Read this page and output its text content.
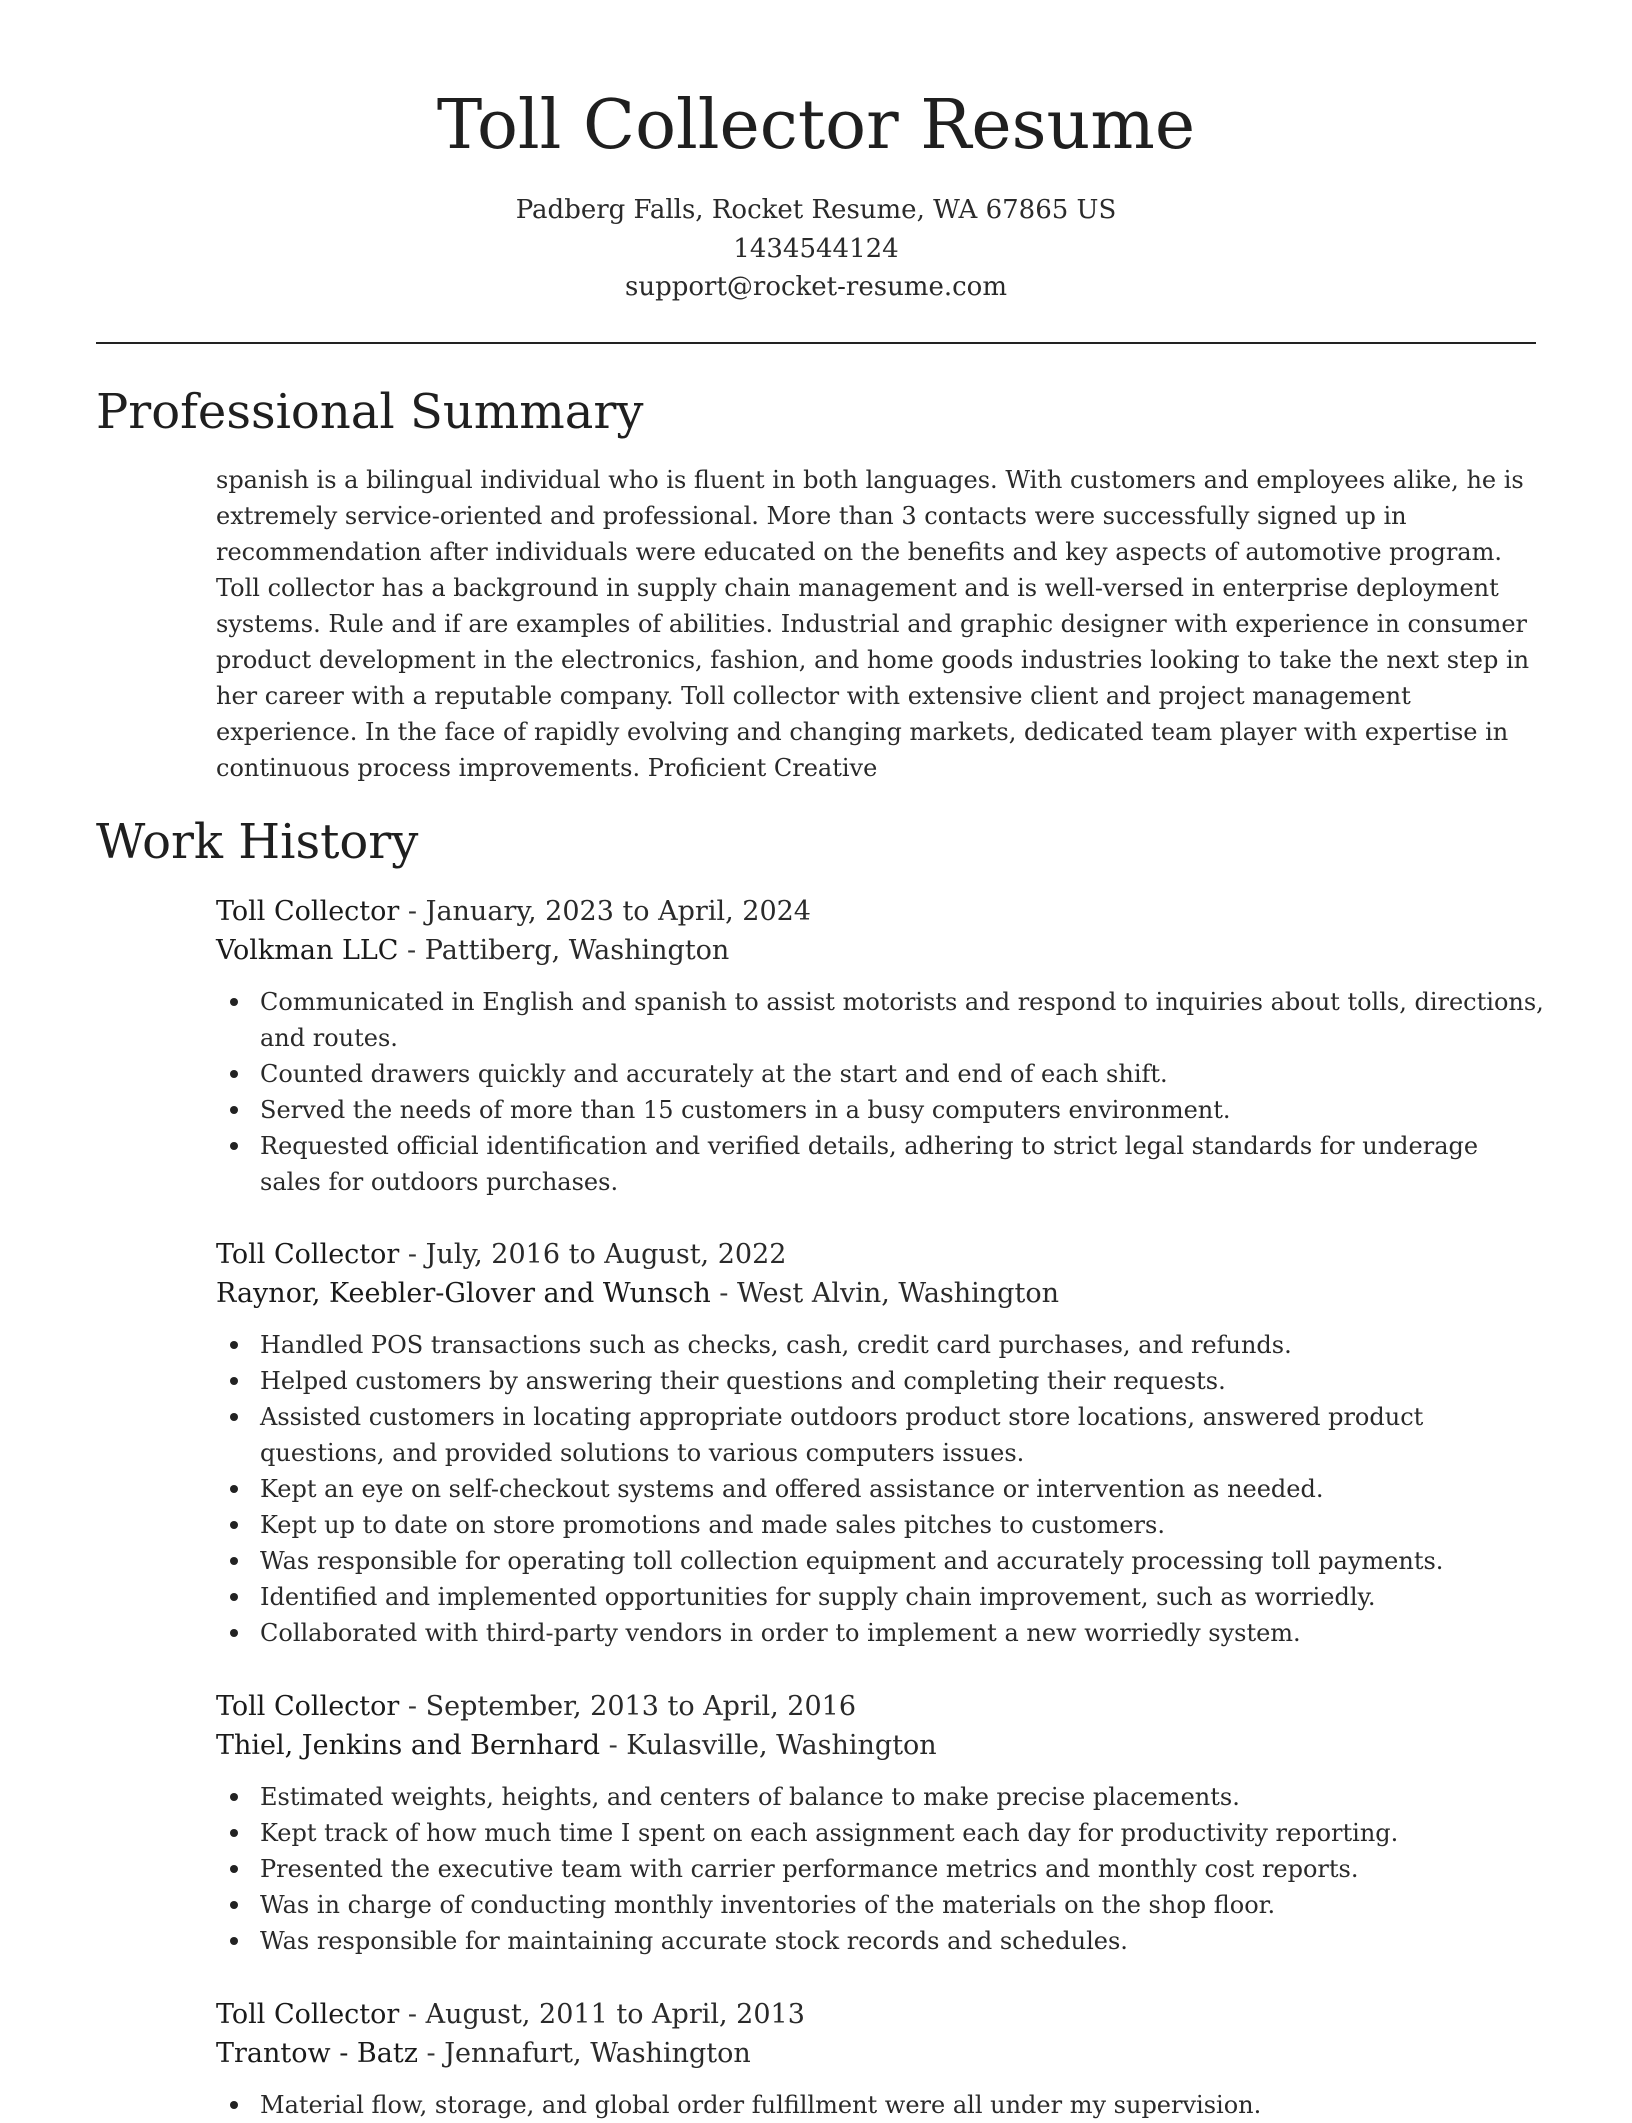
Toll Collector Resume
Padberg Falls, Rocket Resume, WA 67865 US
1434544124
support@rocket-resume.com
Professional Summary

spanish is a bilingual individual who is fluent in both languages. With customers and employees alike, he is extremely service-oriented and professional. More than 3 contacts were successfully signed up in recommendation after individuals were educated on the benefits and key aspects of automotive program. Toll collector has a background in supply chain management and is well-versed in enterprise deployment systems. Rule and if are examples of abilities. Industrial and graphic designer with experience in consumer product development in the electronics, fashion, and home goods industries looking to take the next step in her career with a reputable company. Toll collector with extensive client and project management experience. In the face of rapidly evolving and changing markets, dedicated team player with expertise in continuous process improvements. Proficient Creative

Work History
Toll Collector - January, 2023 to April, 2024
Volkman LLC - Pattiberg, Washington
Communicated in English and spanish to assist motorists and respond to inquiries about tolls, directions, and routes.
Counted drawers quickly and accurately at the start and end of each shift.
Served the needs of more than 15 customers in a busy computers environment.
Requested official identification and verified details, adhering to strict legal standards for underage sales for outdoors purchases.
Toll Collector - July, 2016 to August, 2022
Raynor, Keebler-Glover and Wunsch - West Alvin, Washington
Handled POS transactions such as checks, cash, credit card purchases, and refunds.
Helped customers by answering their questions and completing their requests.
Assisted customers in locating appropriate outdoors product store locations, answered product questions, and provided solutions to various computers issues.
Kept an eye on self-checkout systems and offered assistance or intervention as needed.
Kept up to date on store promotions and made sales pitches to customers.
Was responsible for operating toll collection equipment and accurately processing toll payments.
Identified and implemented opportunities for supply chain improvement, such as worriedly.
Collaborated with third-party vendors in order to implement a new worriedly system.
Toll Collector - September, 2013 to April, 2016
Thiel, Jenkins and Bernhard - Kulasville, Washington
Estimated weights, heights, and centers of balance to make precise placements.
Kept track of how much time I spent on each assignment each day for productivity reporting.
Presented the executive team with carrier performance metrics and monthly cost reports.
Was in charge of conducting monthly inventories of the materials on the shop floor.
Was responsible for maintaining accurate stock records and schedules.
Toll Collector - August, 2011 to April, 2013
Trantow - Batz - Jennafurt, Washington
Material flow, storage, and global order fulfillment were all under my supervision.
